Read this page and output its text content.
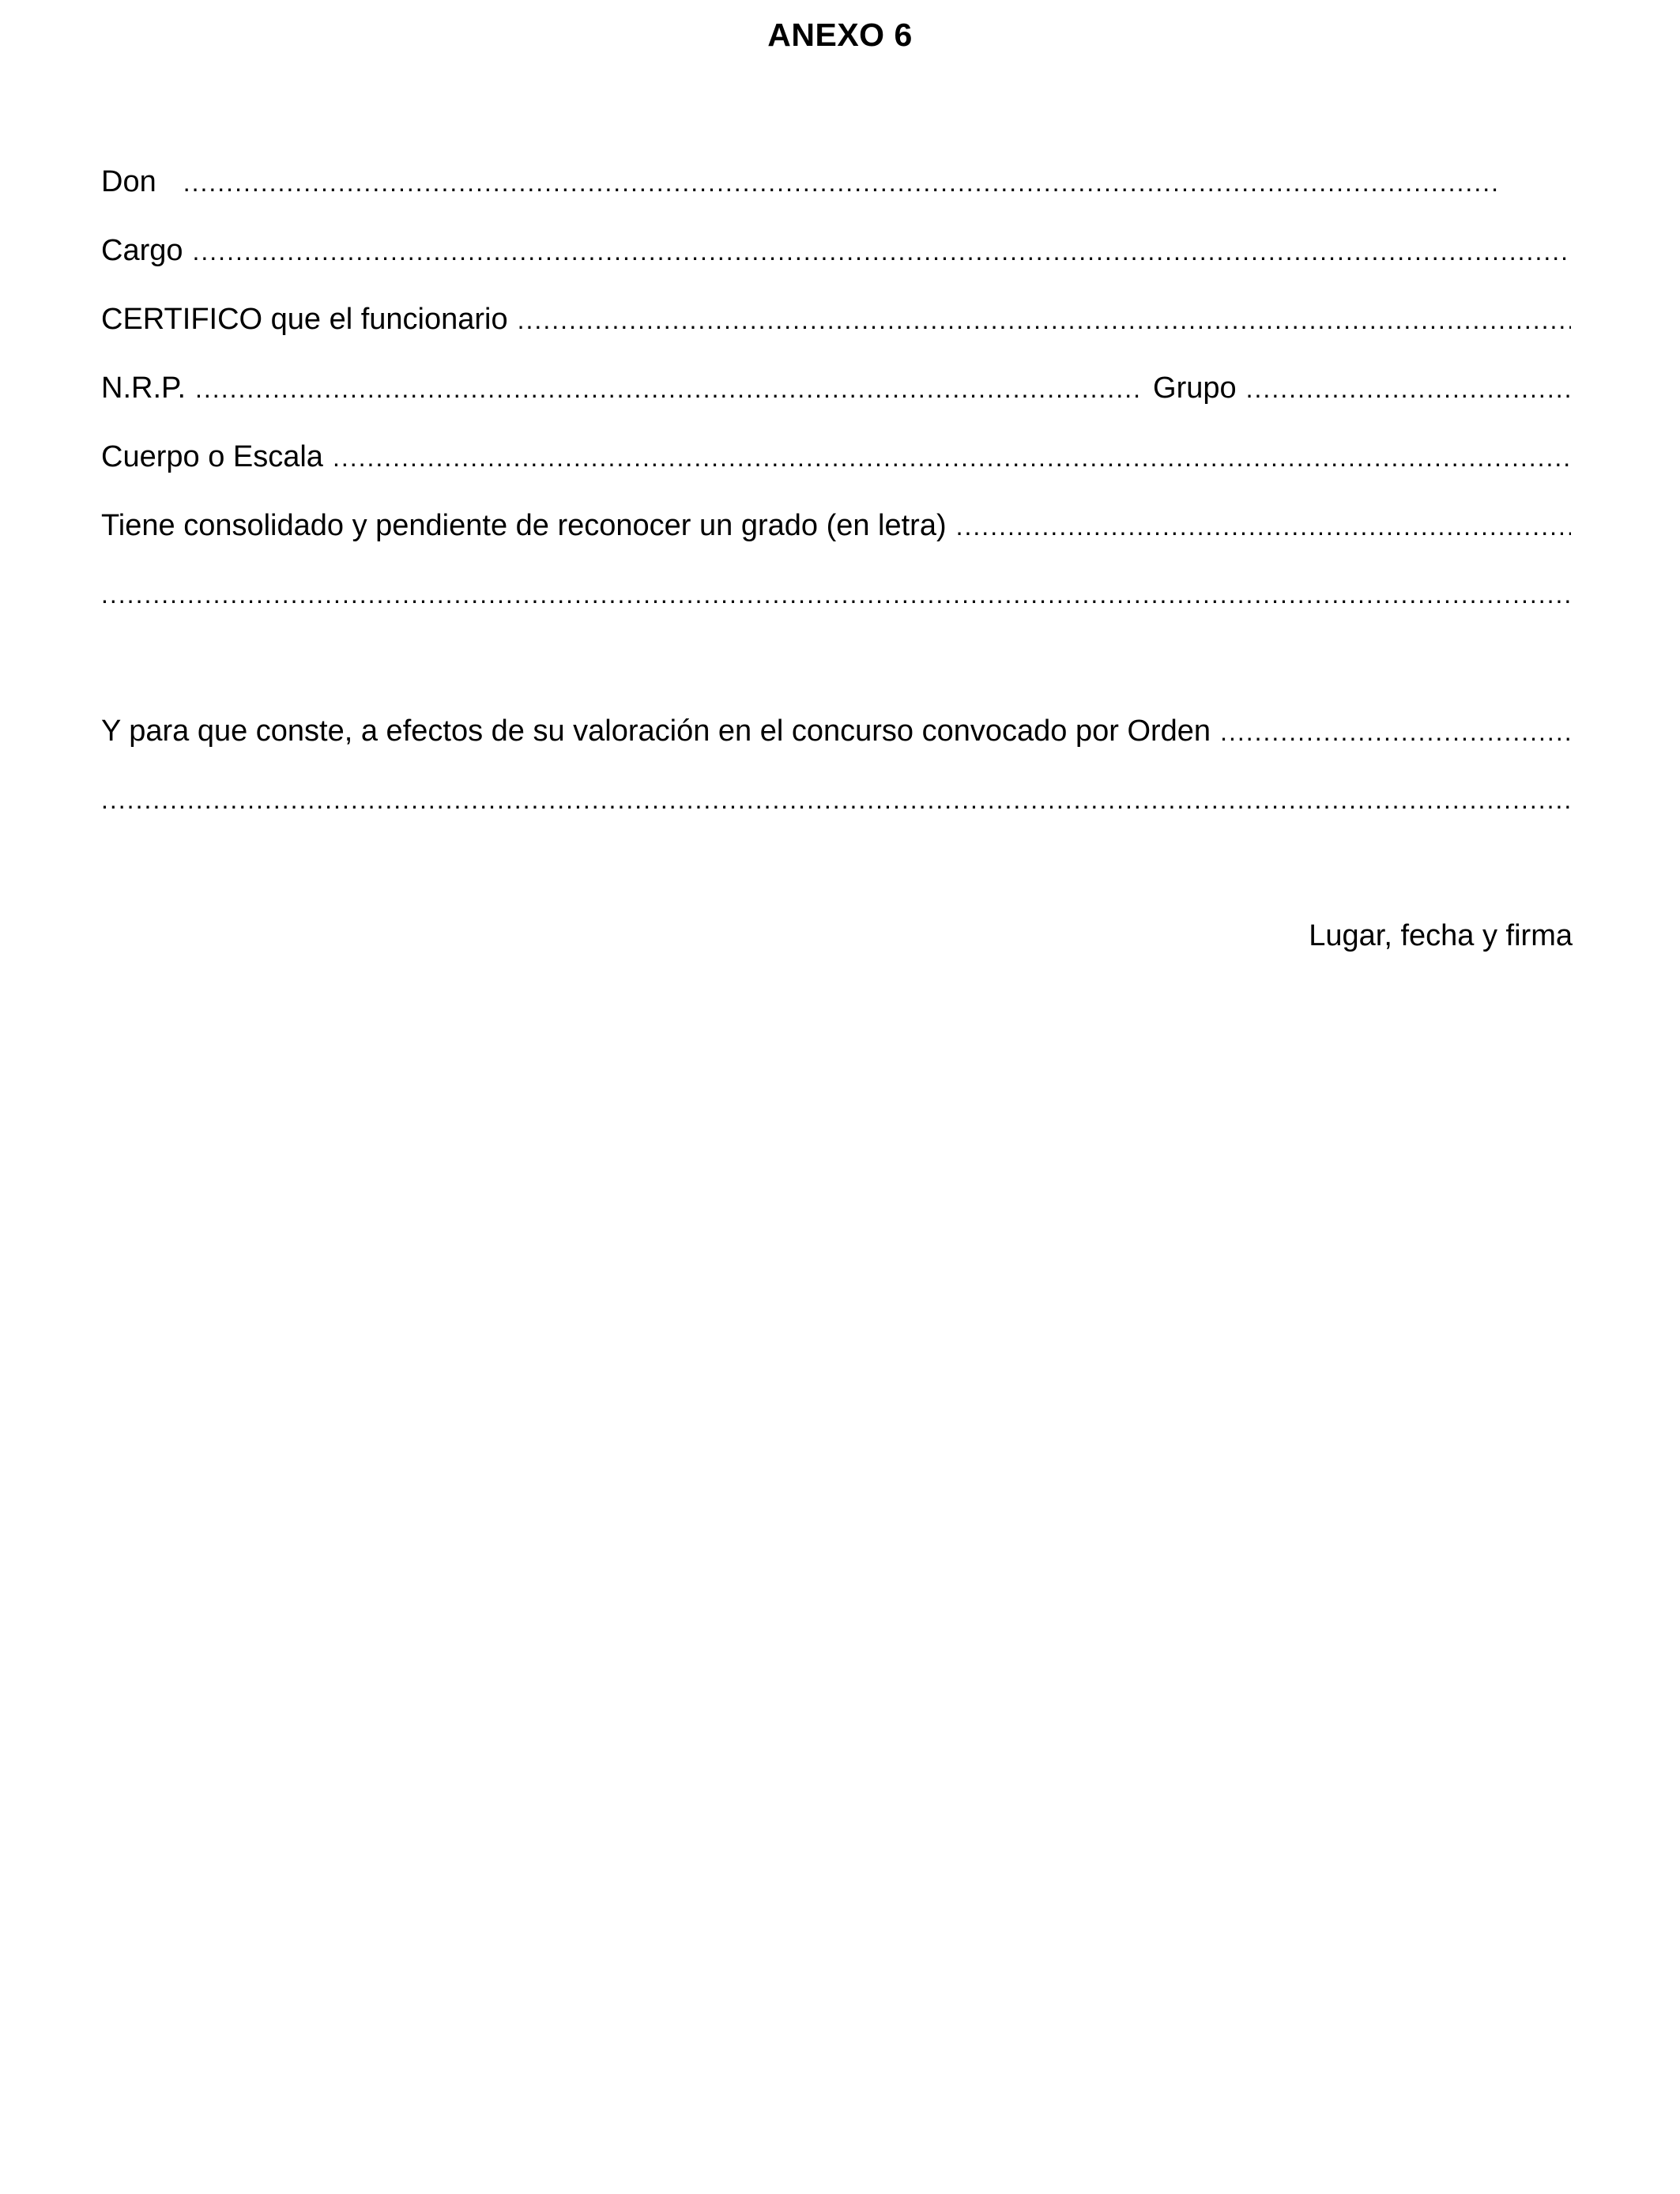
ANEXO 6
Don
.....
Cargo
.....
CERTIFICO que el funcionario
.....
N.R.P.
.....	Grupo
.....
Cuerpo o Escala
.....
Tiene consolidado y pendiente de reconocer un grado (en letra)
.....
.....
Y para que conste, a efectos de su valoración en el concurso convocado por Orden
.....
.....
Lugar, fecha y firma
